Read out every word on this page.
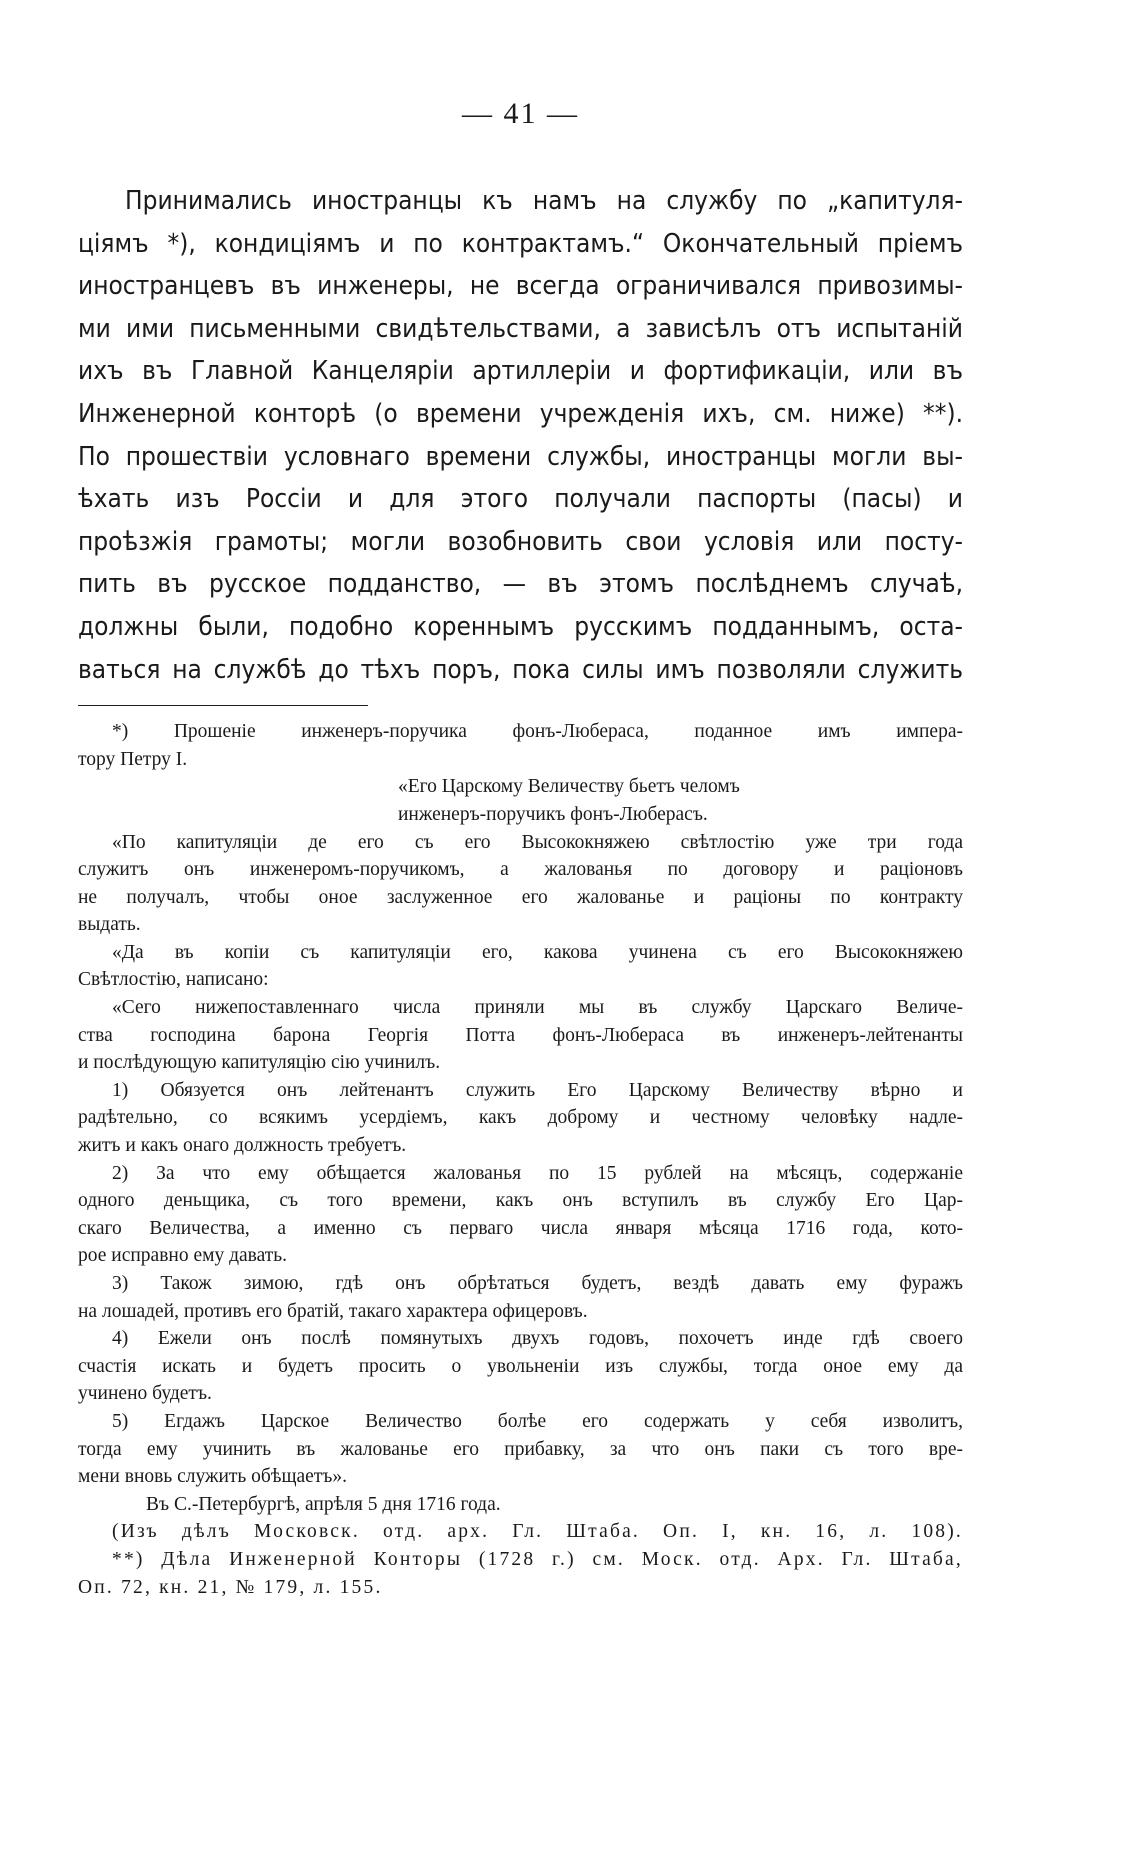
— 41 —
Принимались иностранцы къ намъ на службу по „капитуля-
ціямъ *), кондиціямъ и по контрактамъ.“ Окончательный пріемъ
иностранцевъ въ инженеры, не всегда ограничивался привозимы-
ми ими письменными свидѣтельствами, а зависѣлъ отъ испытаній
ихъ въ Главной Канцеляріи артиллеріи и фортификаціи, или въ
Инженерной конторѣ (о времени учрежденія ихъ, см. ниже) **).
По прошествіи условнаго времени службы, иностранцы могли вы-
ѣхать изъ Россіи и для этого получали паспорты (пасы) и
проѣзжія грамоты; могли возобновить свои условія или посту-
пить въ русское подданство, — въ этомъ послѣднемъ случаѣ,
должны были, подобно кореннымъ русскимъ подданнымъ, оста-
ваться на службѣ до тѣхъ поръ, пока силы имъ позволяли служить
*) Прошеніе инженеръ-поручика фонъ-Люберaса, поданное имъ импера-
тору Петру I.
«Его Царскому Величеству бьетъ челомъ
инженеръ-поручикъ фонъ-Люберасъ.
«По капитуляціи де его съ его Высококняжею свѣтлостію уже три года
служитъ онъ инженеромъ-поручикомъ, а жалованья по договору и раціоновъ
не получалъ, чтобы оное заслуженное его жалованье и раціоны по контракту
выдать.
«Да въ копіи съ капитуляціи его, какова учинена съ его Высококняжею
Свѣтлостію, написано:
«Сего нижепоставленнаго числа приняли мы въ службу Царскаго Величе-
ства господина барона Георгія Потта фонъ-Любераса въ инженеръ-лейтенанты
и послѣдующую капитуляцію сію учинилъ.
1) Обязуется онъ лейтенантъ служить Его Царскому Величеству вѣрно и
радѣтельно, со всякимъ усердіемъ, какъ доброму и честному человѣку надле-
житъ и какъ онаго должность требуетъ.
2) За что ему обѣщается жалованья по 15 рублей на мѣсяцъ, содержаніе
одного деньщика, съ того времени, какъ онъ вступилъ въ службу Его Цар-
скаго Величества, а именно съ перваго числа января мѣсяца 1716 года, кото-
рое исправно ему давать.
3) Також зимою, гдѣ онъ обрѣтаться будетъ, вездѣ давать ему фуражъ
на лошадей, противъ его братій, такаго характера офицеровъ.
4) Ежели онъ послѣ помянутыхъ двухъ годовъ, похочетъ инде гдѣ своего
счастія искать и будетъ просить о увольненіи изъ службы, тогда оное ему да
учинено будетъ.
5) Егдажъ Царское Величество болѣе его содержать у себя изволитъ,
тогда ему учинить въ жалованье его прибавку, за что онъ паки съ того вре-
мени вновь служить обѣщаетъ».
Въ С.-Петербургѣ, апрѣля 5 дня 1716 года.
(Изъ дѣлъ Московск. отд. арх. Гл. Штаба. Оп. I, кн. 16, л. 108).
**) Дѣла Инженерной Конторы (1728 г.) см. Моск. отд. Арх. Гл. Штаба,
Оп. 72, кн. 21, № 179, л. 155.
